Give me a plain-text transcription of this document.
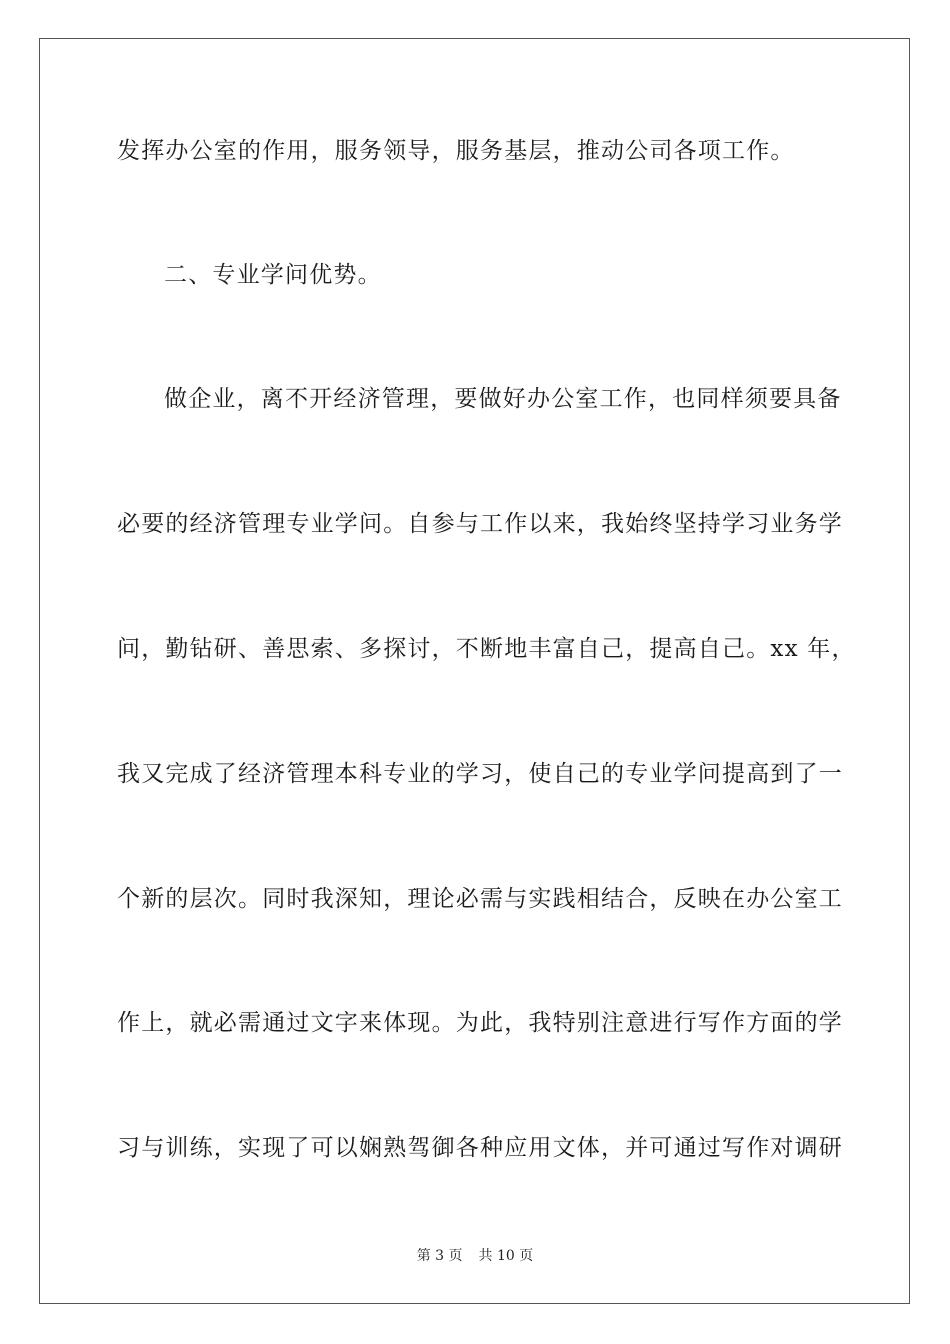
发挥办公室的作用，服务领导，服务基层，推动公司各项工作。
二、专业学问优势。
做企业，离不开经济管理，要做好办公室工作，也同样须要具备
必要的经济管理专业学问。自参与工作以来，我始终坚持学习业务学
问，勤钻研、善思索、多探讨，不断地丰富自己，提高自己。xx 年，
我又完成了经济管理本科专业的学习，使自己的专业学问提高到了一
个新的层次。同时我深知，理论必需与实践相结合，反映在办公室工
作上，就必需通过文字来体现。为此，我特别注意进行写作方面的学
习与训练，实现了可以娴熟驾御各种应用文体，并可通过写作对调研
第 3 页 共 10 页
